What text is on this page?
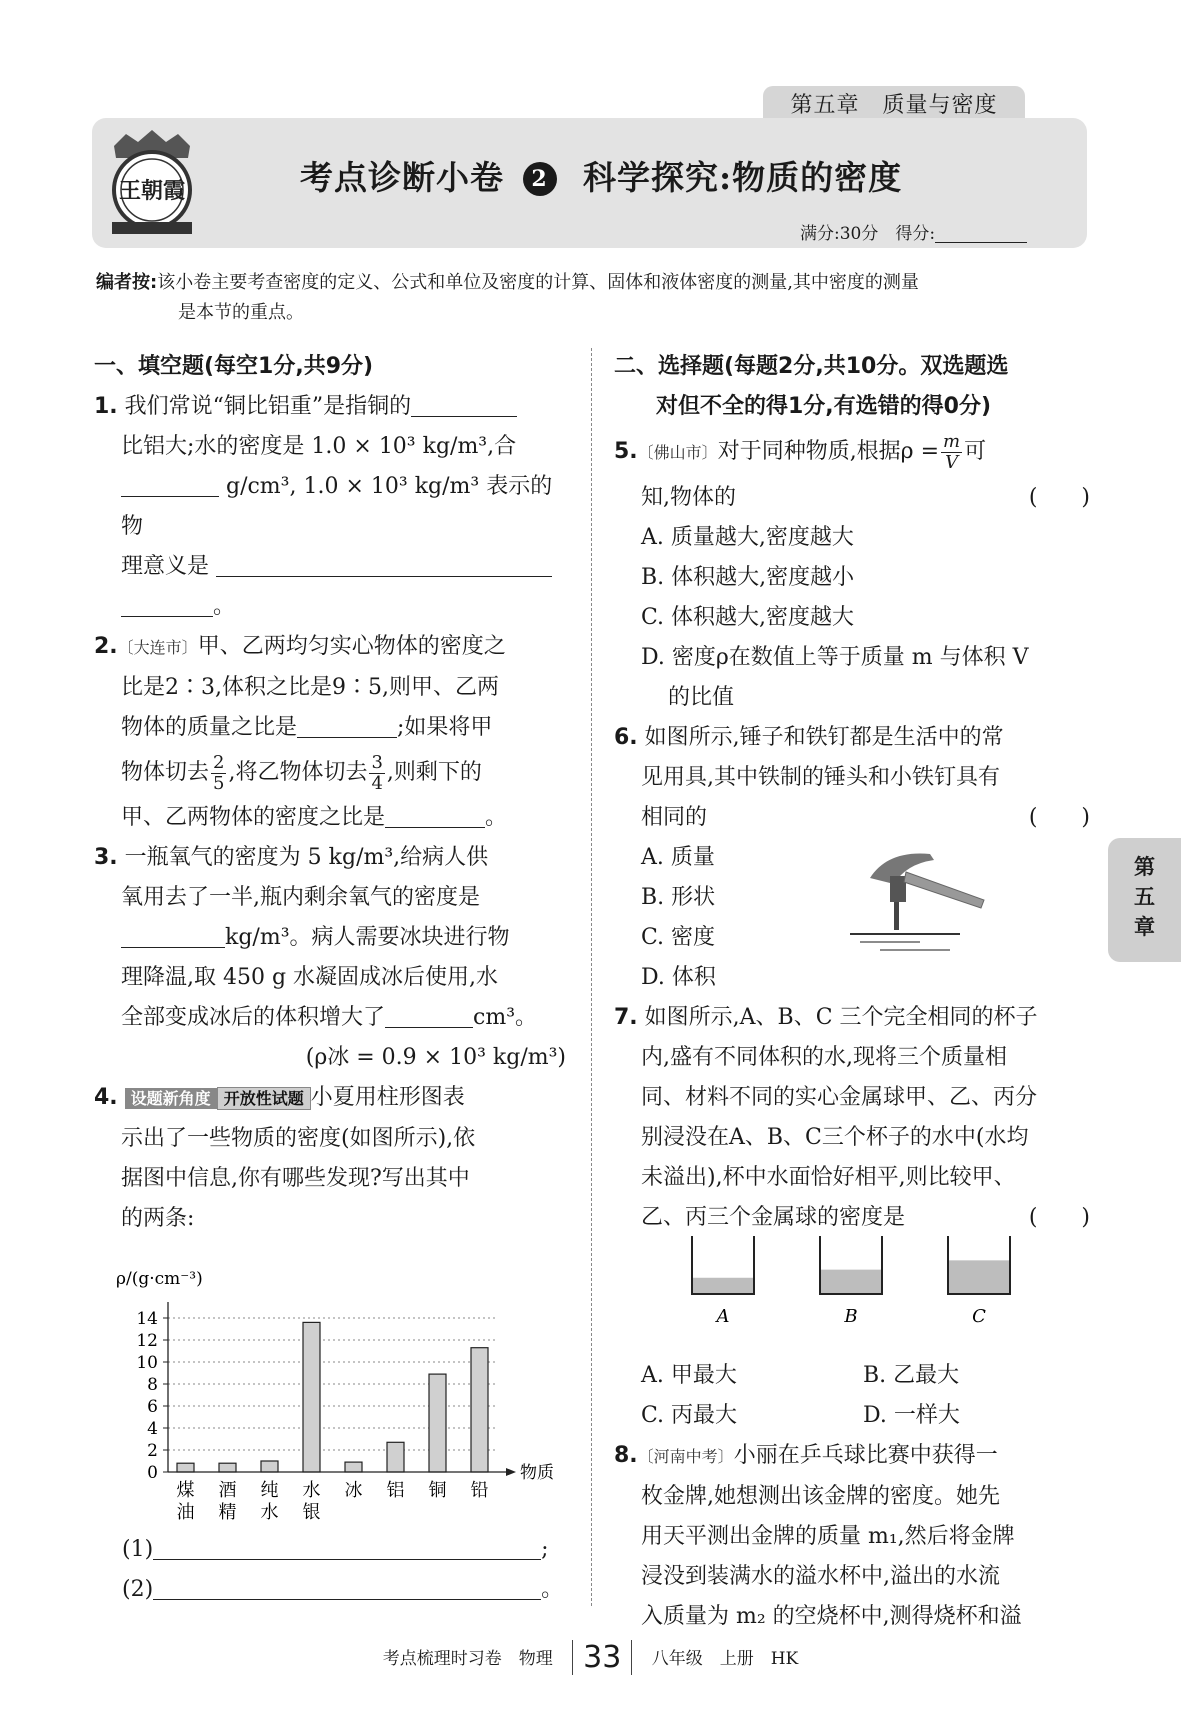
第五章　质量与密度
王朝霞	考点诊断小卷 2 科学探究:物质的密度
满分:30分　得分:
编者按:该小卷主要考查密度的定义、公式和单位及密度的计算、固体和液体密度的测量,其中密度的测量
是本节的重点。
一、填空题(每空1分,共9分)
1. 我们常说“铜比铝重”是指铜的
比铝大;水的密度是 1.0 × 10³ kg/m³,合
g/cm³, 1.0 × 10³ kg/m³ 表示的物
理意义是
。
2.〔大连市〕甲、乙两均匀实心物体的密度之
比是2∶3,体积之比是9∶5,则甲、乙两
物体的质量之比是	;如果将甲
物体切去 $\frac{2}{5}$ ,将乙物体切去 $\frac{3}{4}$ ,则剩下的
甲、乙两物体的密度之比是	。
3. 一瓶氧气的密度为 5 kg/m³,给病人供
氧用去了一半,瓶内剩余氧气的密度是
kg/m³。病人需要冰块进行物
理降温,取 450 g 水凝固成冰后使用,水
全部变成冰后的体积增大了	cm³。
(ρ冰 = 0.9 × 10³ kg/m³)
4. 设题新角度 开放性试题 小夏用柱形图表
示出了一些物质的密度(如图所示),依
据图中信息,你有哪些发现?写出其中
的两条:
ρ/(g·cm⁻³)
0
2
4
6
8
10
12
14
煤
油
酒
精
纯
水
水
银
冰 铝 铜 铅
物质
(1)	;
(2)	。
二、选择题(每题2分,共10分。双选题选
对但不全的得1分,有选错的得0分)
5.〔佛山市〕对于同种物质,根据$\rho = \frac{m}{V}$ 可
知,物体的	(　　)
A. 质量越大,密度越大
B. 体积越大,密度越小
C. 体积越大,密度越大
D. 密度ρ在数值上等于质量 m 与体积 V
的比值
6. 如图所示,锤子和铁钉都是生活中的常
见用具,其中铁制的锤头和小铁钉具有
相同的	(　　)
A. 质量
B. 形状
C. 密度
D. 体积
7. 如图所示,A、B、C 三个完全相同的杯子
内,盛有不同体积的水,现将三个质量相
同、材料不同的实心金属球甲、乙、丙分
别浸没在A、B、C三个杯子的水中(水均
未溢出),杯中水面恰好相平,则比较甲、
乙、丙三个金属球的密度是	(　　)
A. 甲最大	B. 乙最大
C. 丙最大	D. 一样大
8.〔河南中考〕小丽在乒乓球比赛中获得一
枚金牌,她想测出该金牌的密度。她先
用天平测出金牌的质量 m₁,然后将金牌
浸没到装满水的溢水杯中,溢出的水流
入质量为 m₂ 的空烧杯中,测得烧杯和溢
A	B	C
第
五
章
考点梳理时习卷　物理 33 八年级　上册　HK
